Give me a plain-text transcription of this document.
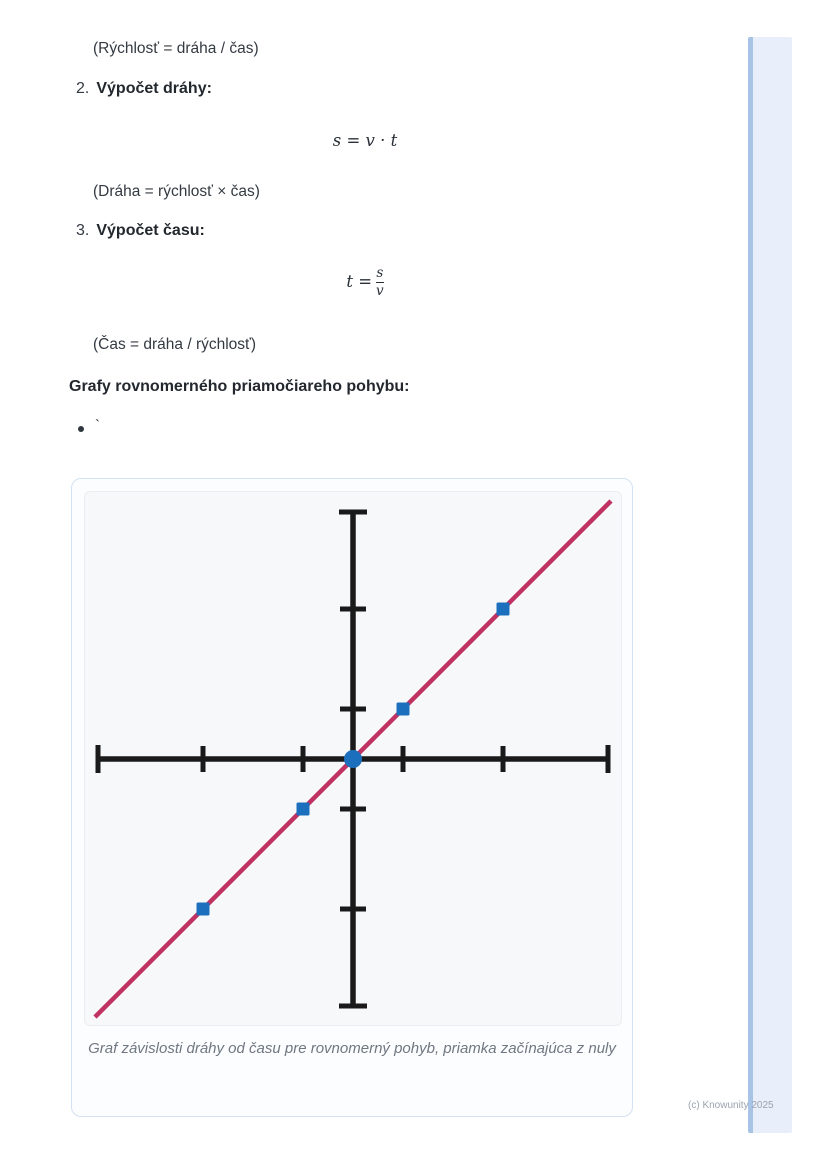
(Rýchlosť = dráha / čas)
2. Výpočet dráhy:
s = v · t
(Dráha = rýchlosť × čas)
3. Výpočet času:
$t = \frac{s}{v}$
(Čas = dráha / rýchlosť)
Grafy rovnomerného priamočiareho pohybu:
`
Graf závislosti dráhy od času pre rovnomerný pohyb, priamka začínajúca z nuly
(c) Knowunity 2025
